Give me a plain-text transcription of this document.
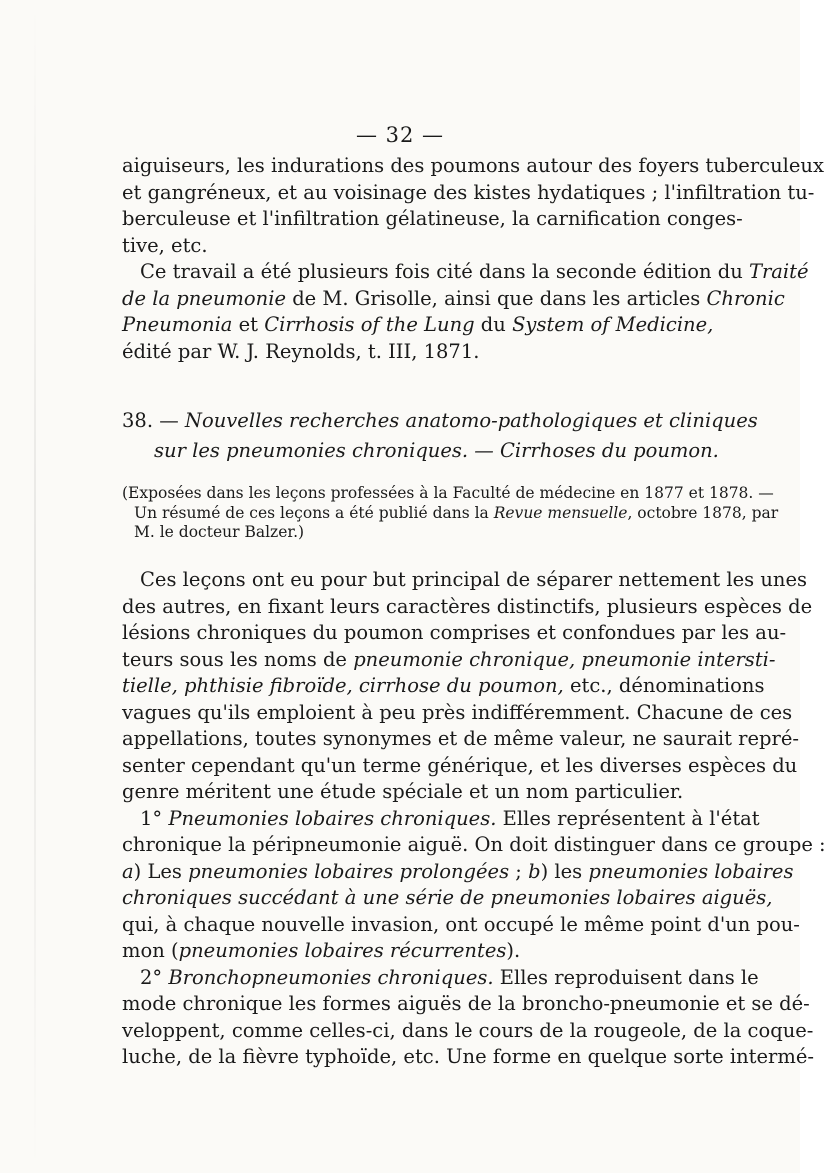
— 32 —
aiguiseurs, les indurations des poumons autour des foyers tuberculeux
et gangréneux, et au voisinage des kistes hydatiques ; l'infiltration tu-
berculeuse et l'infiltration gélatineuse, la carnification conges-
tive, etc.
Ce travail a été plusieurs fois cité dans la seconde édition du Traité
de la pneumonie de M. Grisolle, ainsi que dans les articles Chronic
Pneumonia et Cirrhosis of the Lung du System of Medicine,
édité par W. J. Reynolds, t. III, 1871.
38. — Nouvelles recherches anatomo-pathologiques et cliniques
sur les pneumonies chroniques. — Cirrhoses du poumon.
(Exposées dans les leçons professées à la Faculté de médecine en 1877 et 1878. —
Un résumé de ces leçons a été publié dans la Revue mensuelle, octobre 1878, par
M. le docteur Balzer.)
Ces leçons ont eu pour but principal de séparer nettement les unes
des autres, en fixant leurs caractères distinctifs, plusieurs espèces de
lésions chroniques du poumon comprises et confondues par les au-
teurs sous les noms de pneumonie chronique, pneumonie intersti-
tielle, phthisie fibroïde, cirrhose du poumon, etc., dénominations
vagues qu'ils emploient à peu près indifféremment. Chacune de ces
appellations, toutes synonymes et de même valeur, ne saurait repré-
senter cependant qu'un terme générique, et les diverses espèces du
genre méritent une étude spéciale et un nom particulier.
1° Pneumonies lobaires chroniques. Elles représentent à l'état
chronique la péripneumonie aiguë. On doit distinguer dans ce groupe :
a) Les pneumonies lobaires prolongées ; b) les pneumonies lobaires
chroniques succédant à une série de pneumonies lobaires aiguës,
qui, à chaque nouvelle invasion, ont occupé le même point d'un pou-
mon (pneumonies lobaires récurrentes).
2° Bronchopneumonies chroniques. Elles reproduisent dans le
mode chronique les formes aiguës de la broncho-pneumonie et se dé-
veloppent, comme celles-ci, dans le cours de la rougeole, de la coque-
luche, de la fièvre typhoïde, etc. Une forme en quelque sorte intermé-
